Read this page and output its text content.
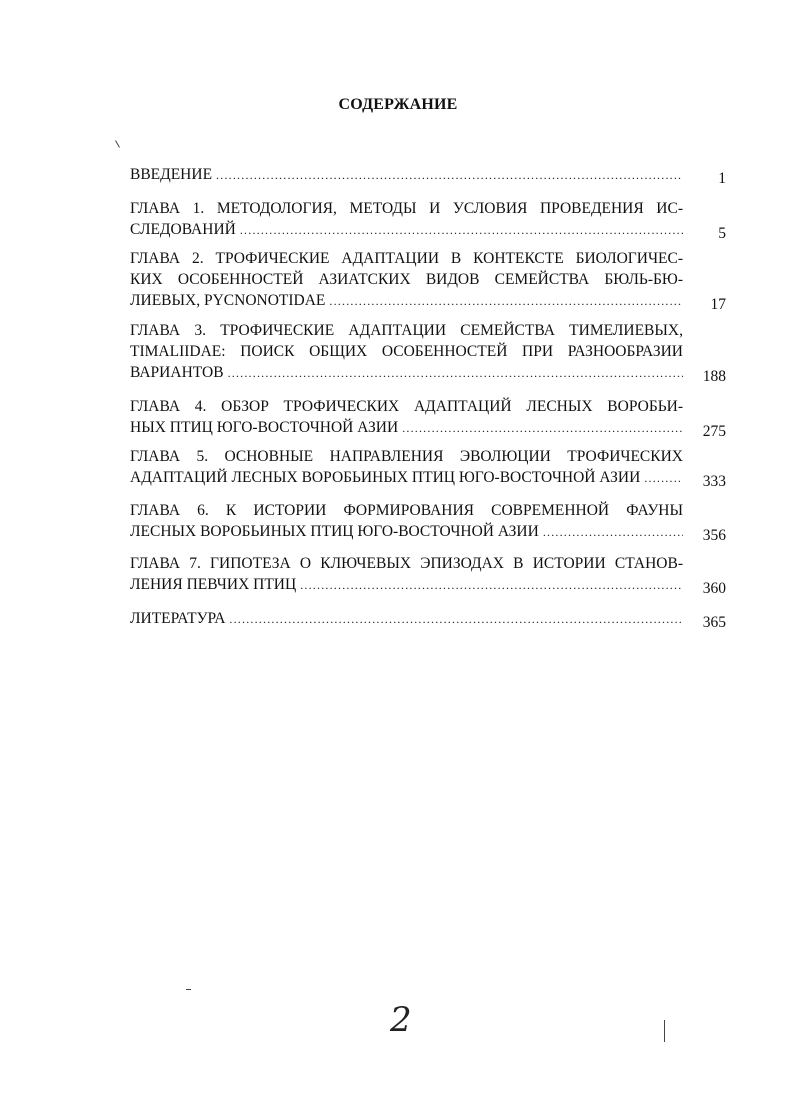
СОДЕРЖАНИЕ
ВВЕДЕНИЕ .....	1
ГЛАВА 1. МЕТОДОЛОГИЯ, МЕТОДЫ И УСЛОВИЯ ПРОВЕДЕНИЯ ИС-
СЛЕДОВАНИЙ .....	5
ГЛАВА 2. ТРОФИЧЕСКИЕ АДАПТАЦИИ В КОНТЕКСТЕ БИОЛОГИЧЕС-
КИХ ОСОБЕННОСТЕЙ АЗИАТСКИХ ВИДОВ СЕМЕЙСТВА БЮЛЬ-БЮ-
ЛИЕВЫХ, PYCNONOTIDAE .....	17
ГЛАВА 3. ТРОФИЧЕСКИЕ АДАПТАЦИИ СЕМЕЙСТВА ТИМЕЛИЕВЫХ,
TIMALIIDAE: ПОИСК ОБЩИХ ОСОБЕННОСТЕЙ ПРИ РАЗНООБРАЗИИ
ВАРИАНТОВ .....	188
ГЛАВА 4. ОБЗОР ТРОФИЧЕСКИХ АДАПТАЦИЙ ЛЕСНЫХ ВОРОБЬИ-
НЫХ ПТИЦ ЮГО-ВОСТОЧНОЙ АЗИИ .....	275
ГЛАВА 5. ОСНОВНЫЕ НАПРАВЛЕНИЯ ЭВОЛЮЦИИ ТРОФИЧЕСКИХ
АДАПТАЦИЙ ЛЕСНЫХ ВОРОБЬИНЫХ ПТИЦ ЮГО-ВОСТОЧНОЙ АЗИИ .....	333
ГЛАВА 6. К ИСТОРИИ ФОРМИРОВАНИЯ СОВРЕМЕННОЙ ФАУНЫ
ЛЕСНЫХ ВОРОБЬИНЫХ ПТИЦ ЮГО-ВОСТОЧНОЙ АЗИИ .....	356
ГЛАВА 7. ГИПОТЕЗА О КЛЮЧЕВЫХ ЭПИЗОДАХ В ИСТОРИИ СТАНОВ-
ЛЕНИЯ ПЕВЧИХ ПТИЦ .....	360
ЛИТЕРАТУРА .....	365
2
